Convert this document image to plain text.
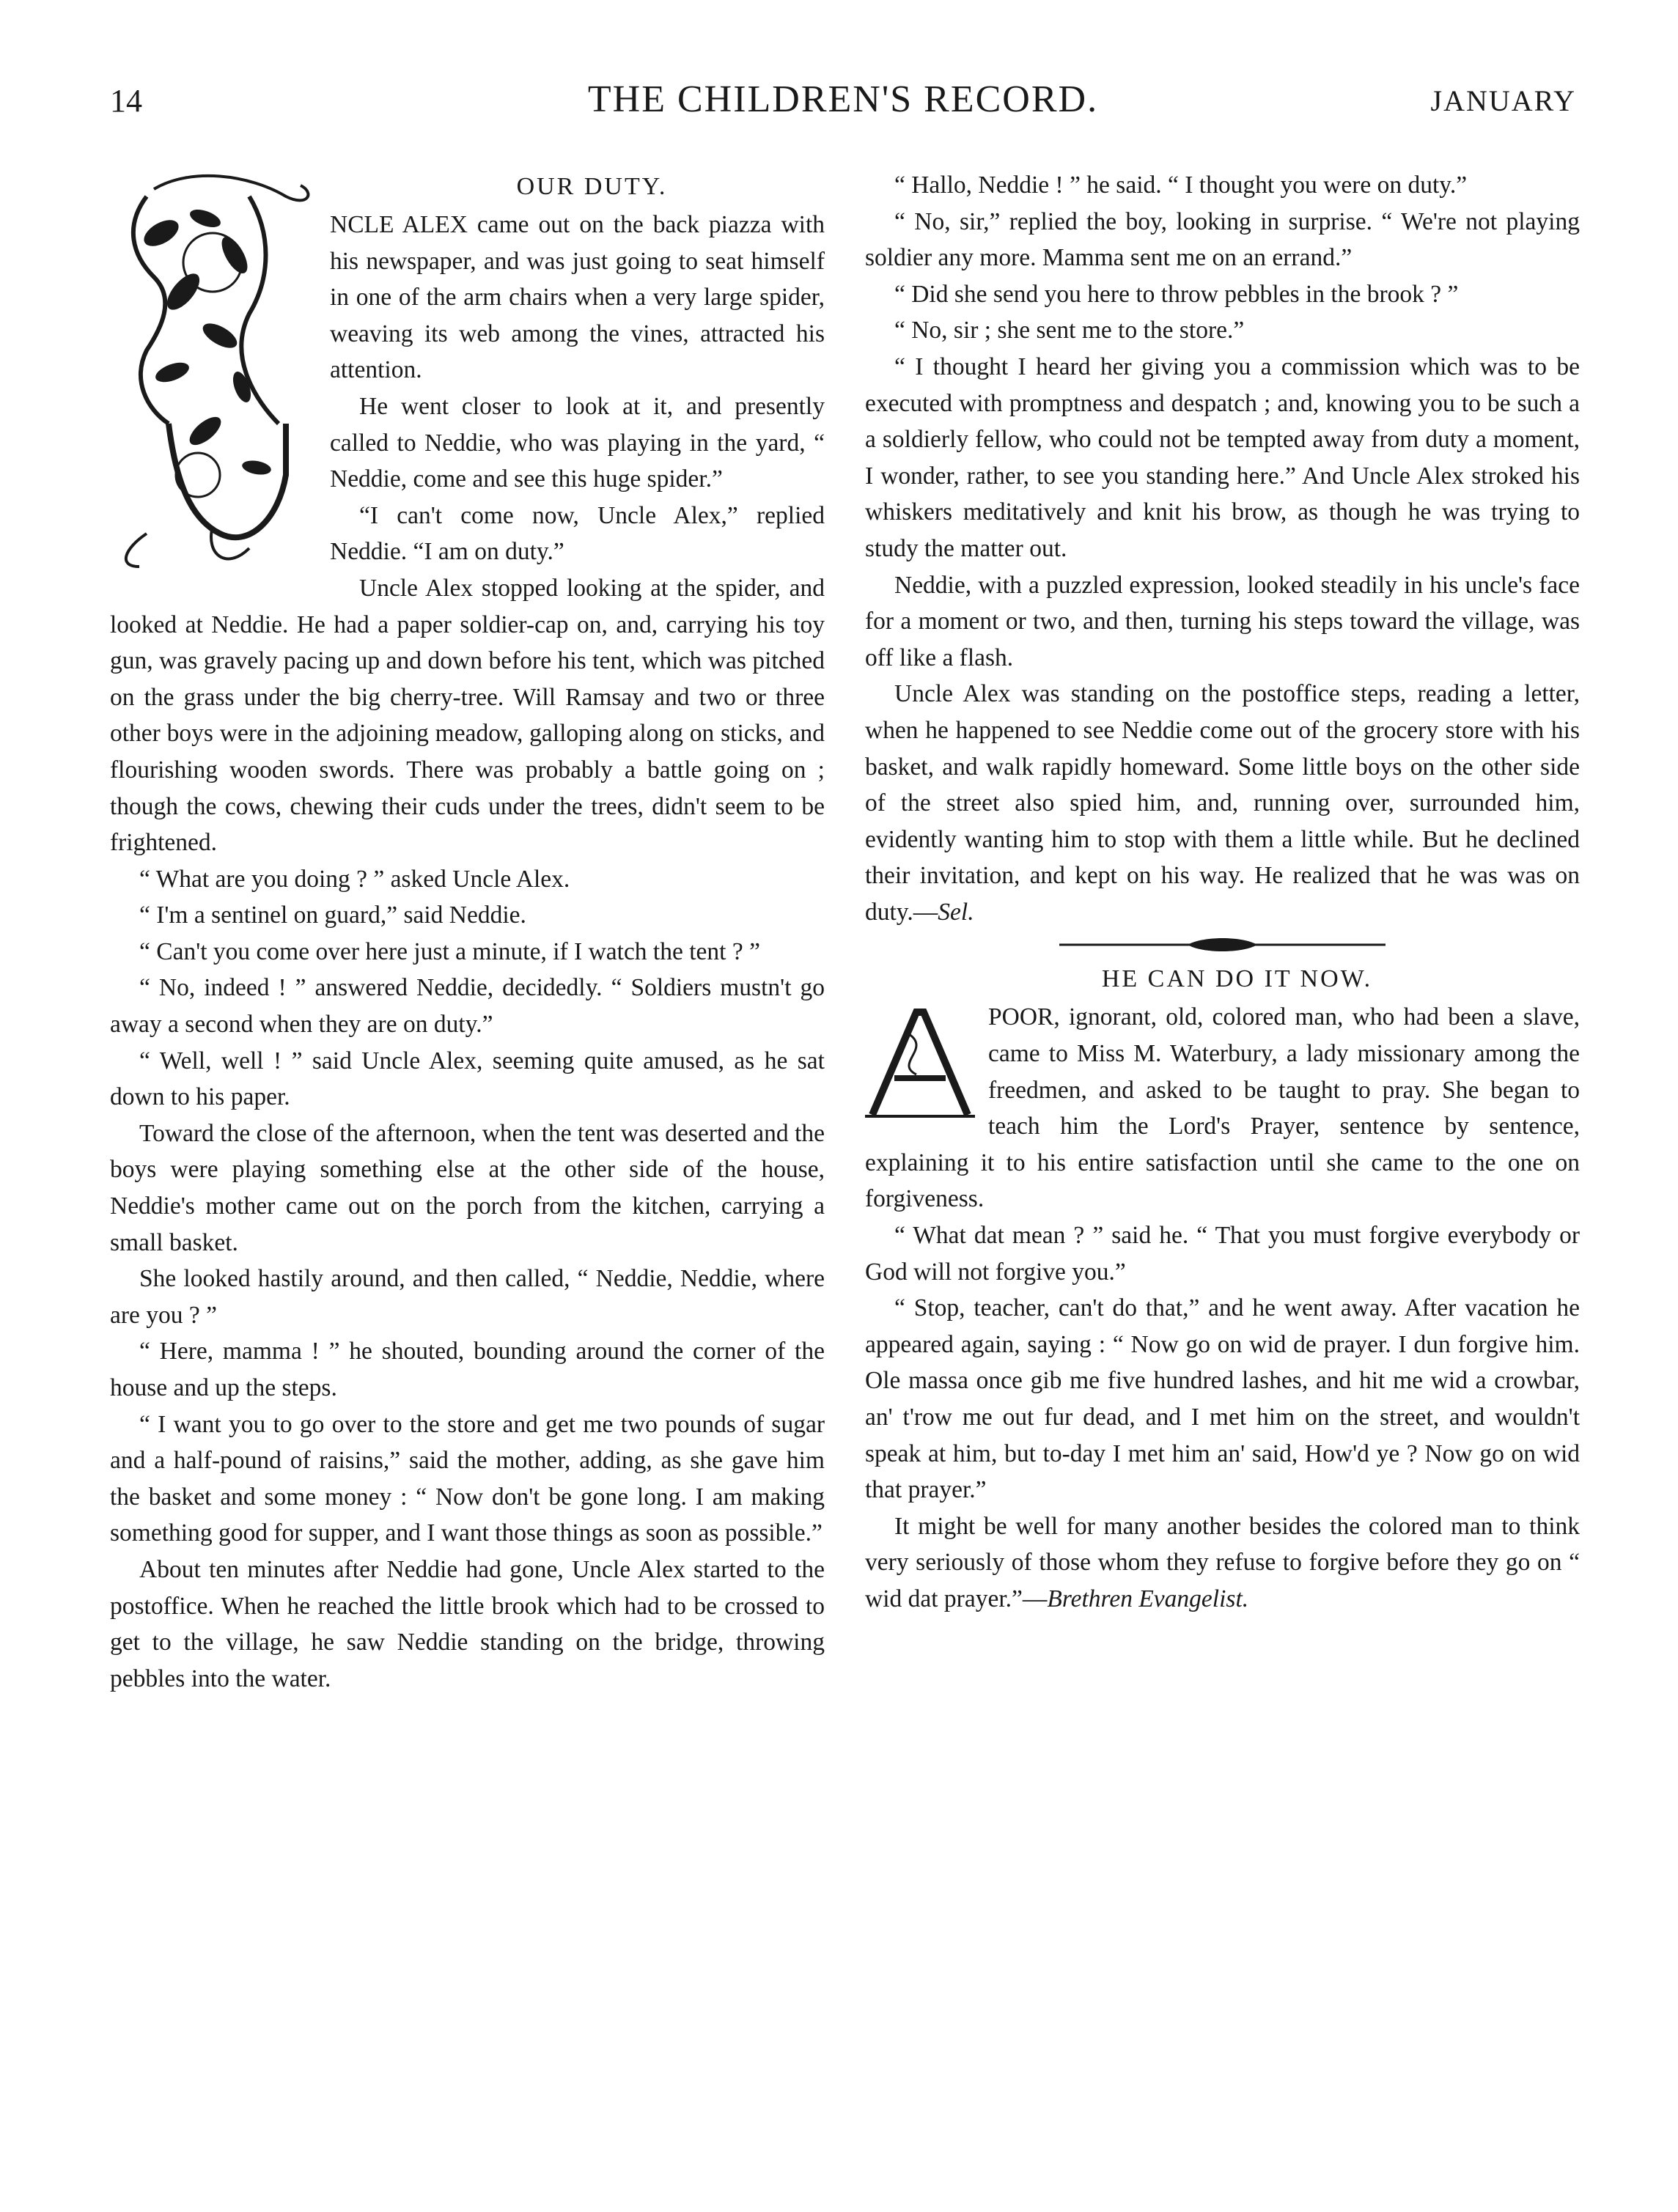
14	THE CHILDREN'S RECORD.	JANUARY

OUR DUTY.

NCLE ALEX came out on the back piazza with his newspaper, and was just going to seat himself in one of the arm chairs when a very large spider, weaving its web among the vines, attracted his attention.

He went closer to look at it, and presently called to Neddie, who was playing in the yard, “ Neddie, come and see this huge spider.”

“I can't come now, Uncle Alex,” replied Neddie. “I am on duty.”

Uncle Alex stopped looking at the spider, and looked at Neddie. He had a paper soldier-cap on, and, carrying his toy gun, was gravely pacing up and down before his tent, which was pitched on the grass under the big cherry-tree. Will Ramsay and two or three other boys were in the adjoining meadow, galloping along on sticks, and flourishing wooden swords. There was probably a battle going on ; though the cows, chewing their cuds under the trees, didn't seem to be frightened.

“ What are you doing ? ” asked Uncle Alex.

“ I'm a sentinel on guard,” said Neddie.

“ Can't you come over here just a minute, if I watch the tent ? ”

“ No, indeed ! ” answered Neddie, decidedly. “ Soldiers mustn't go away a second when they are on duty.”

“ Well, well ! ” said Uncle Alex, seeming quite amused, as he sat down to his paper.

Toward the close of the afternoon, when the tent was deserted and the boys were playing something else at the other side of the house, Neddie's mother came out on the porch from the kitchen, carrying a small basket.

She looked hastily around, and then called, “ Neddie, Neddie, where are you ? ”

“ Here, mamma ! ” he shouted, bounding around the corner of the house and up the steps.

“ I want you to go over to the store and get me two pounds of sugar and a half-pound of raisins,” said the mother, adding, as she gave him the basket and some money : “ Now don't be gone long. I am making something good for supper, and I want those things as soon as possible.”

About ten minutes after Neddie had gone, Uncle Alex started to the postoffice. When he reached the little brook which had to be crossed to get to the village, he saw Neddie standing on the bridge, throwing pebbles into the water.

“ Hallo, Neddie ! ” he said. “ I thought you were on duty.”

“ No, sir,” replied the boy, looking in surprise. “ We're not playing soldier any more. Mamma sent me on an errand.”

“ Did she send you here to throw pebbles in the brook ? ”

“ No, sir ; she sent me to the store.”

“ I thought I heard her giving you a commission which was to be executed with promptness and despatch ; and, knowing you to be such a a soldierly fellow, who could not be tempted away from duty a moment, I wonder, rather, to see you standing here.” And Uncle Alex stroked his whiskers meditatively and knit his brow, as though he was trying to study the matter out.

Neddie, with a puzzled expression, looked steadily in his uncle's face for a moment or two, and then, turning his steps toward the village, was off like a flash.

Uncle Alex was standing on the postoffice steps, reading a letter, when he happened to see Neddie come out of the grocery store with his basket, and walk rapidly homeward. Some little boys on the other side of the street also spied him, and, running over, surrounded him, evidently wanting him to stop with them a little while. But he declined their invitation, and kept on his way. He realized that he was was on duty.—Sel.

HE CAN DO IT NOW.

POOR, ignorant, old, colored man, who had been a slave, came to Miss M. Waterbury, a lady missionary among the freedmen, and asked to be taught to pray. She began to teach him the Lord's Prayer, sentence by sentence, explaining it to his entire satisfaction until she came to the one on forgiveness.

“ What dat mean ? ” said he. “ That you must forgive everybody or God will not forgive you.”

“ Stop, teacher, can't do that,” and he went away. After vacation he appeared again, saying : “ Now go on wid de prayer. I dun forgive him. Ole massa once gib me five hundred lashes, and hit me wid a crowbar, an' t'row me out fur dead, and I met him on the street, and wouldn't speak at him, but to-day I met him an' said, How'd ye ? Now go on wid that prayer.”

It might be well for many another besides the colored man to think very seriously of those whom they refuse to forgive before they go on “ wid dat prayer.”—Brethren Evangelist.
